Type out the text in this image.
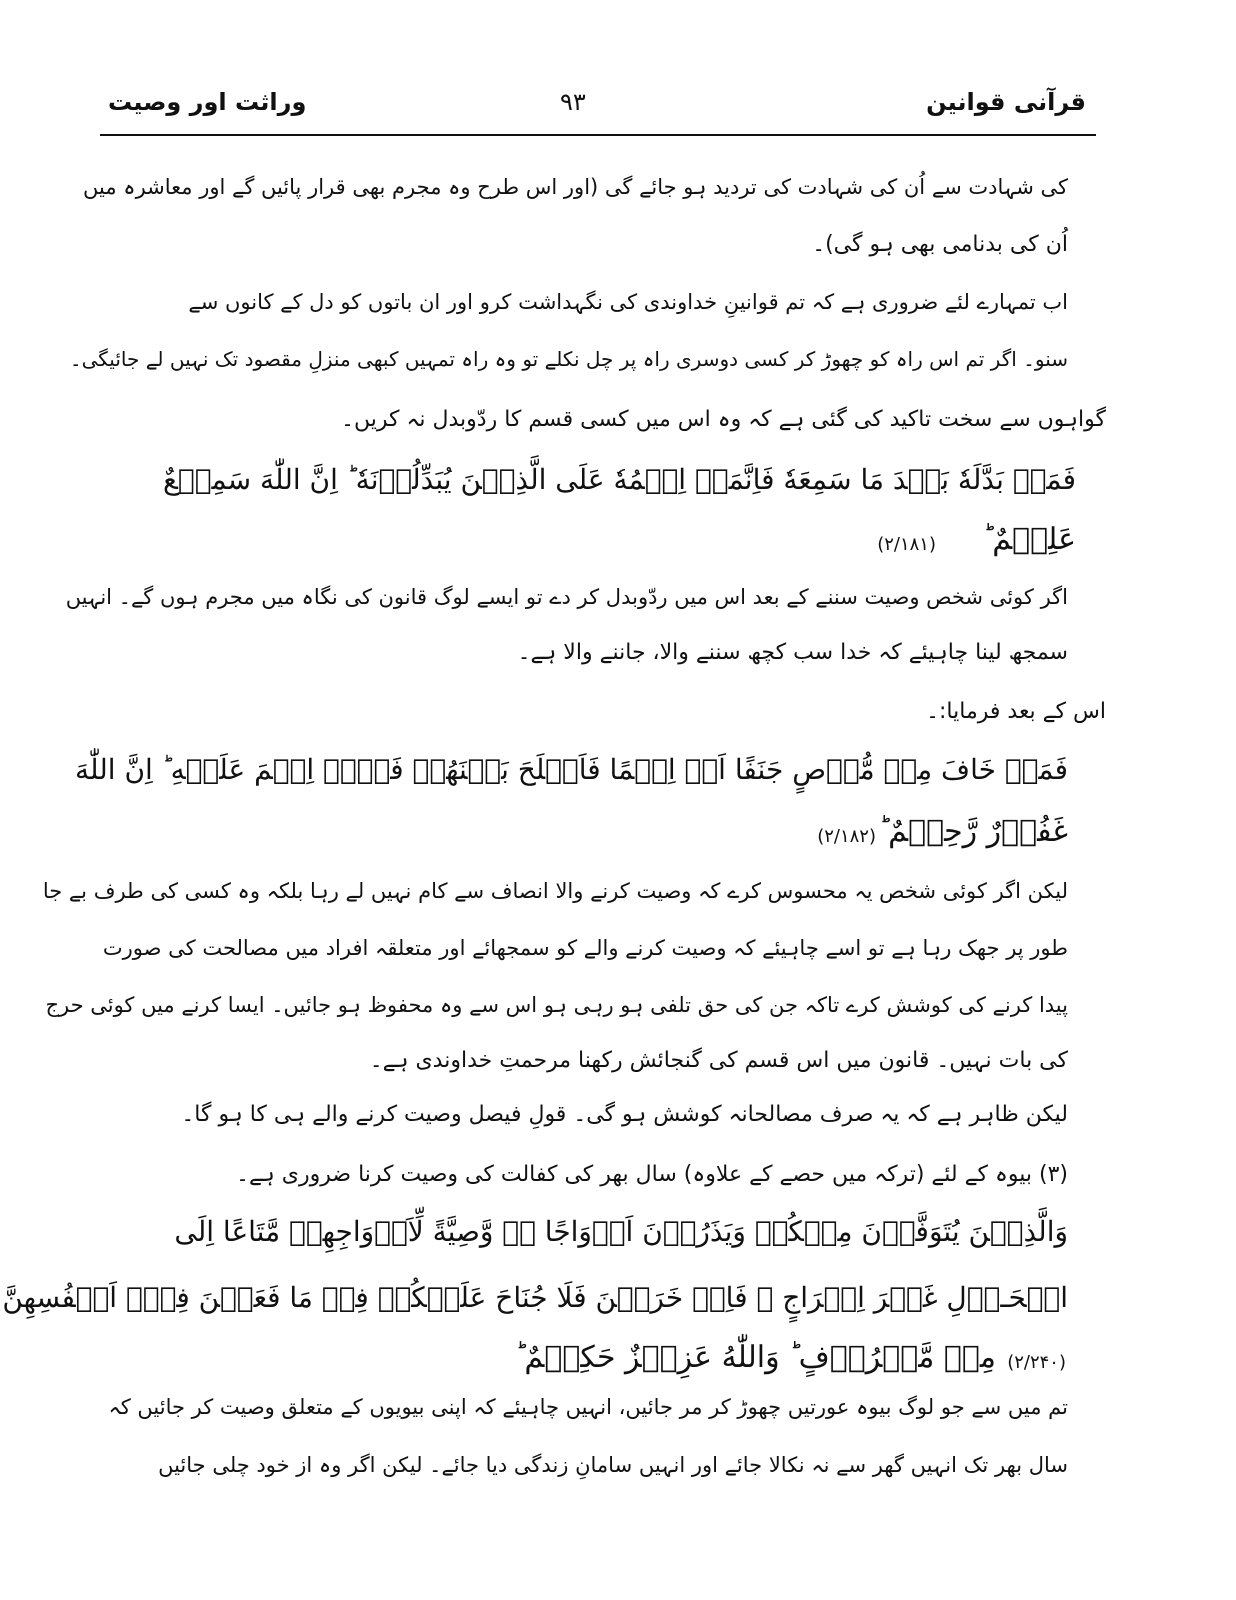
قرآنی قوانین
۹۳
وراثت اور وصیت
کی شہادت سے اُن کی شہادت کی تردید ہو جائے گی (اور اس طرح وہ مجرم بھی قرار پائیں گے اور معاشرہ میں
اُن کی بدنامی بھی ہو گی)۔
اب تمہارے لئے ضروری ہے کہ تم قوانینِ خداوندی کی نگہداشت کرو اور ان باتوں کو دل کے کانوں سے
سنو۔ اگر تم اس راہ کو چھوڑ کر کسی دوسری راہ پر چل نکلے تو وہ راہ تمہیں کبھی منزلِ مقصود تک نہیں لے جائیگی۔
گواہوں سے سخت تاکید کی گئی ہے کہ وہ اس میں کسی قسم کا ردّوبدل نہ کریں۔
فَمَنۡ بَدَّلَهٗ بَعۡدَ مَا سَمِعَهٗ فَاِنَّمَاۤ اِثۡمُهٗ عَلَى الَّذِيۡنَ يُبَدِّلُوۡنَهٗ ؕ اِنَّ اللّٰهَ سَمِيۡعٌ
عَلِيۡمٌ ؕ
(۲/۱۸۱)
اگر کوئی شخص وصیت سننے کے بعد اس میں ردّوبدل کر دے تو ایسے لوگ قانون کی نگاہ میں مجرم ہوں گے۔ انہیں
سمجھ لینا چاہیئے کہ خدا سب کچھ سننے والا، جاننے والا ہے۔
اس کے بعد فرمایا:۔
فَمَنۡ خَافَ مِنۡ مُّوۡصٍ جَنَفًا اَوۡ اِثۡمًا فَاَصۡلَحَ بَيۡنَهُمۡ فَلَاۤ اِثۡمَ عَلَيۡهِ ؕ اِنَّ اللّٰهَ
غَفُوۡرٌ رَّحِيۡمٌ ؕ
(۲/۱۸۲)
لیکن اگر کوئی شخص یہ محسوس کرے کہ وصیت کرنے والا انصاف سے کام نہیں لے رہا بلکہ وہ کسی کی طرف بے جا
طور پر جھک رہا ہے تو اسے چاہیئے کہ وصیت کرنے والے کو سمجھائے اور متعلقہ افراد میں مصالحت کی صورت
پیدا کرنے کی کوشش کرے تاکہ جن کی حق تلفی ہو رہی ہو اس سے وہ محفوظ ہو جائیں۔ ایسا کرنے میں کوئی حرج
کی بات نہیں۔ قانون میں اس قسم کی گنجائش رکھنا مرحمتِ خداوندی ہے۔
لیکن ظاہر ہے کہ یہ صرف مصالحانہ کوشش ہو گی۔ قولِ فیصل وصیت کرنے والے ہی کا ہو گا۔
(۳) بیوہ کے لئے (ترکہ میں حصے کے علاوہ) سال بھر کی کفالت کی وصیت کرنا ضروری ہے۔
وَالَّذِيۡنَ يُتَوَفَّوۡنَ مِنۡكُمۡ وَيَذَرُوۡنَ اَزۡوَاجًا ۖۚ وَّصِيَّةً لِّاَزۡوَاجِهِمۡ مَّتَاعًا اِلَى
الۡحَـوۡلِ غَيۡرَ اِخۡرَاجٍ ۚ فَاِنۡ خَرَجۡنَ فَلَا جُنَاحَ عَلَيۡكُمۡ فِىۡ مَا فَعَلۡنَ فِىۡۤ اَنۡفُسِهِنَّ
مِنۡ مَّعۡرُوۡفٍ ؕ وَاللّٰهُ عَزِيۡزٌ حَكِيۡمٌ ؕ (۲/۲۴۰)
تم میں سے جو لوگ بیوہ عورتیں چھوڑ کر مر جائیں، انہیں چاہیئے کہ اپنی بیویوں کے متعلق وصیت کر جائیں کہ
سال بھر تک انہیں گھر سے نہ نکالا جائے اور انہیں سامانِ زندگی دیا جائے۔ لیکن اگر وہ از خود چلی جائیں
